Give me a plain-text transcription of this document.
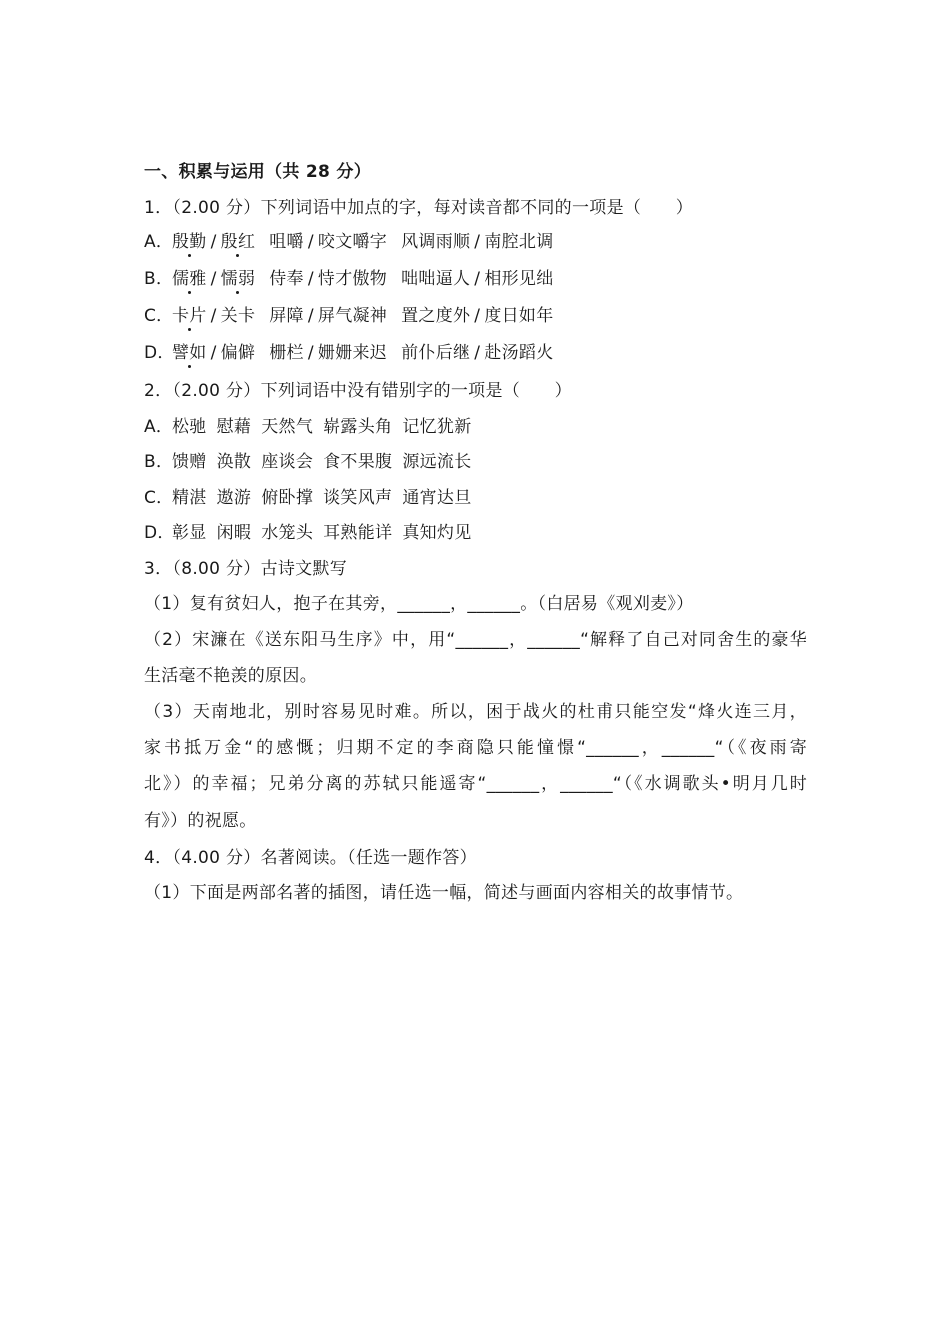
一、积累与运用（共 28 分）
1．（2.00 分）下列词语中加点的字，每对读音都不同的一项是（　　）
A．殷勤 / 殷红 咀嚼 / 咬文嚼字 风调雨顺 / 南腔北调
B．儒雅 / 懦弱 侍奉 / 恃才傲物 咄咄逼人 / 相形见绌
C．卡片 / 关卡 屏障 / 屏气凝神 置之度外 / 度日如年
D．譬如 / 偏僻 栅栏 / 姗姗来迟 前仆后继 / 赴汤蹈火
2．（2.00 分）下列词语中没有错别字的一项是（　　）
A．松驰 慰藉 天然气 崭露头角 记忆犹新
B．馈赠 涣散 座谈会 食不果腹 源远流长
C．精湛 遨游 俯卧撑 谈笑风声 通宵达旦
D．彰显 闲暇 水笼头 耳熟能详 真知灼见
3．（8.00 分）古诗文默写
（1）复有贫妇人，抱子在其旁，______，______。（白居易《观刈麦》）
（2）宋濂在《送东阳马生序》中，用“______，______“解释了自己对同舍生的豪华
生活毫不艳羡的原因。
（3）天南地北，别时容易见时难。所以，困于战火的杜甫只能空发“烽火连三月，
家书抵万金“的感慨；归期不定的李商隐只能憧憬“______，______“（《夜雨寄
北》）的幸福；兄弟分离的苏轼只能遥寄“______，______“（《水调歌头•明月几时
有》）的祝愿。
4．（4.00 分）名著阅读。（任选一题作答）
（1）下面是两部名著的插图，请任选一幅，简述与画面内容相关的故事情节。
